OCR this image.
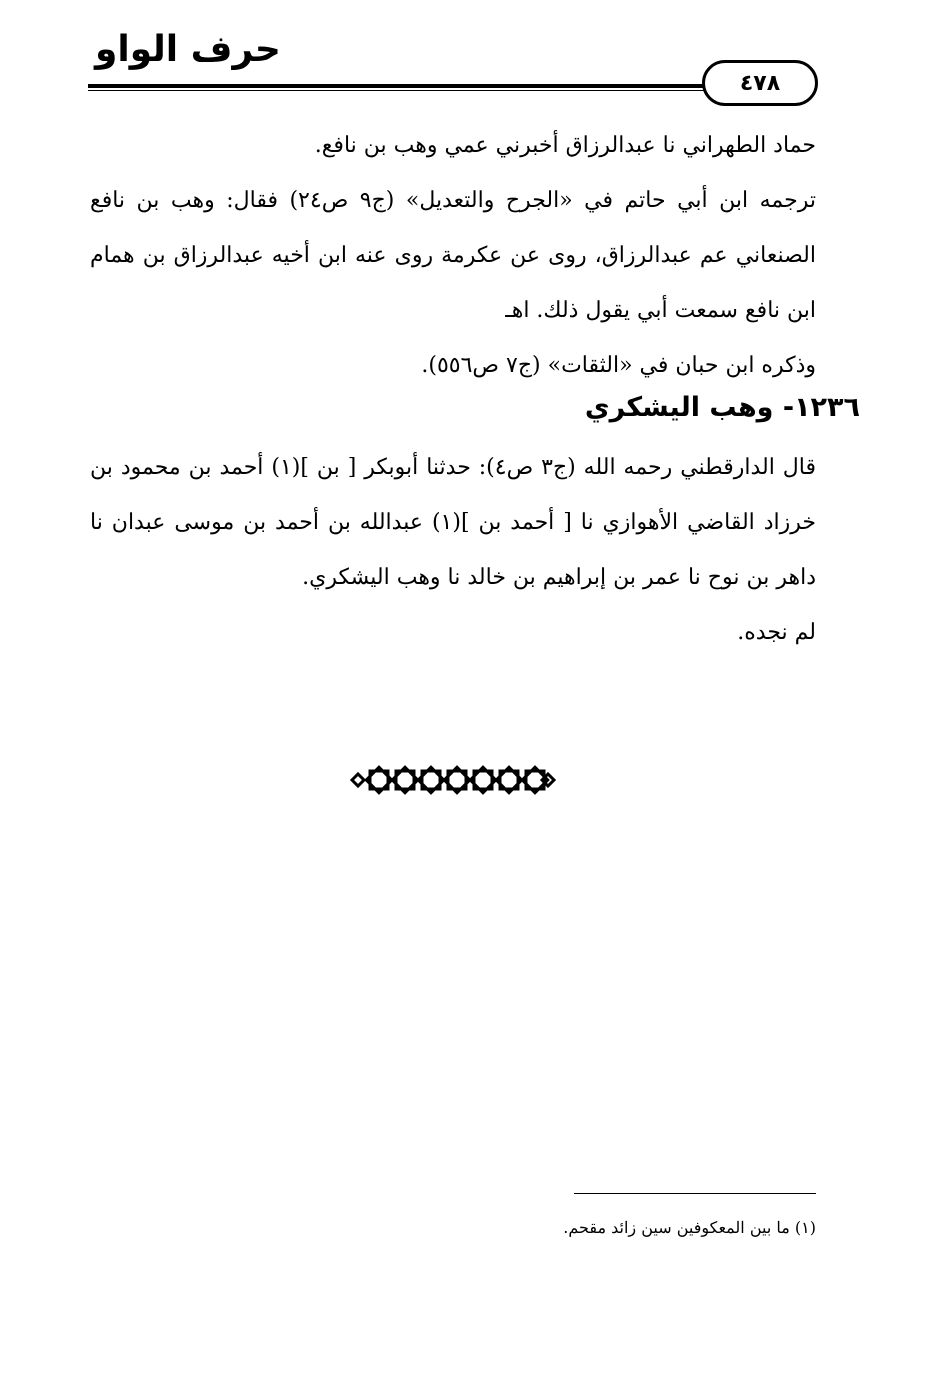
حرف الواو
٤٧٨

حماد الطهراني نا عبدالرزاق أخبرني عمي وهب بن نافع.

ترجمه ابن أبي حاتم في «الجرح والتعديل» (ج٩ ص٢٤) فقال: وهب بن نافع الصنعاني عم عبدالرزاق، روى عن عكرمة روى عنه ابن أخيه عبدالرزاق بن همام ابن نافع سمعت أبي يقول ذلك. اهـ

وذكره ابن حبان في «الثقات» (ج٧ ص٥٥٦).

١٢٣٦- وهب اليشكري

قال الدارقطني رحمه الله (ج٣ ص٤): حدثنا أبوبكر [ بن ](١) أحمد بن محمود بن خرزاد القاضي الأهوازي نا [ أحمد بن ](١) عبدالله بن أحمد بن موسى عبدان نا داهر بن نوح نا عمر بن إبراهيم بن خالد نا وهب اليشكري.

لم نجده.

(١) ما بين المعكوفين سين زائد مقحم.
